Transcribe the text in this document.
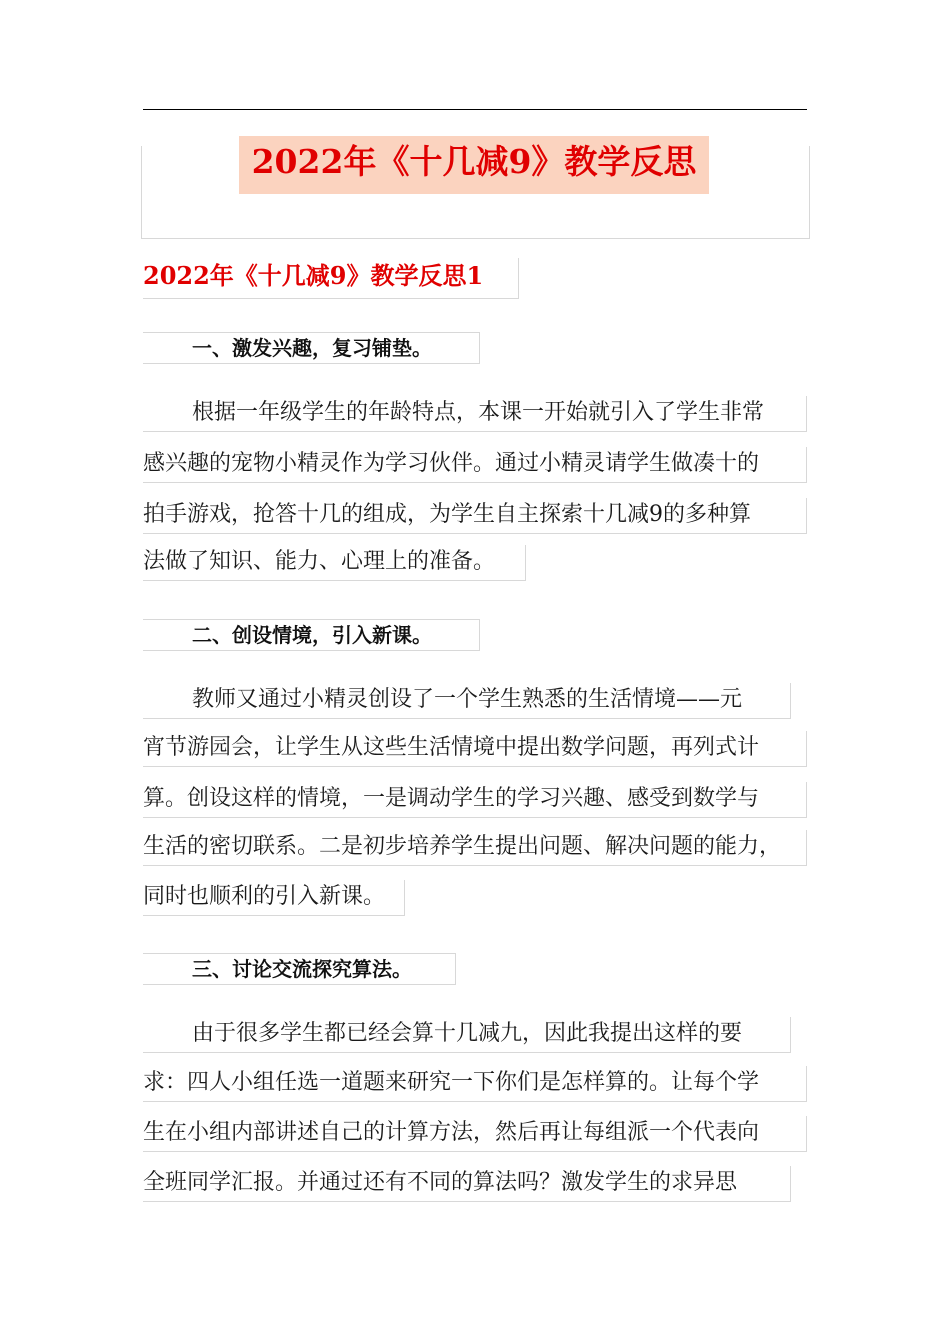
2022年《十几减9》教学反思
2022年《十几减9》教学反思1
一、激发兴趣，复习铺垫。
根据一年级学生的年龄特点，本课一开始就引入了学生非常
感兴趣的宠物小精灵作为学习伙伴。通过小精灵请学生做凑十的
拍手游戏，抢答十几的组成，为学生自主探索十几减9的多种算
法做了知识、能力、心理上的准备。
二、创设情境，引入新课。
教师又通过小精灵创设了一个学生熟悉的生活情境——元
宵节游园会，让学生从这些生活情境中提出数学问题，再列式计
算。创设这样的情境，一是调动学生的学习兴趣、感受到数学与
生活的密切联系。二是初步培养学生提出问题、解决问题的能力，
同时也顺利的引入新课。
三、讨论交流探究算法。
由于很多学生都已经会算十几减九，因此我提出这样的要
求：四人小组任选一道题来研究一下你们是怎样算的。让每个学
生在小组内部讲述自己的计算方法，然后再让每组派一个代表向
全班同学汇报。并通过还有不同的算法吗？激发学生的求异思
